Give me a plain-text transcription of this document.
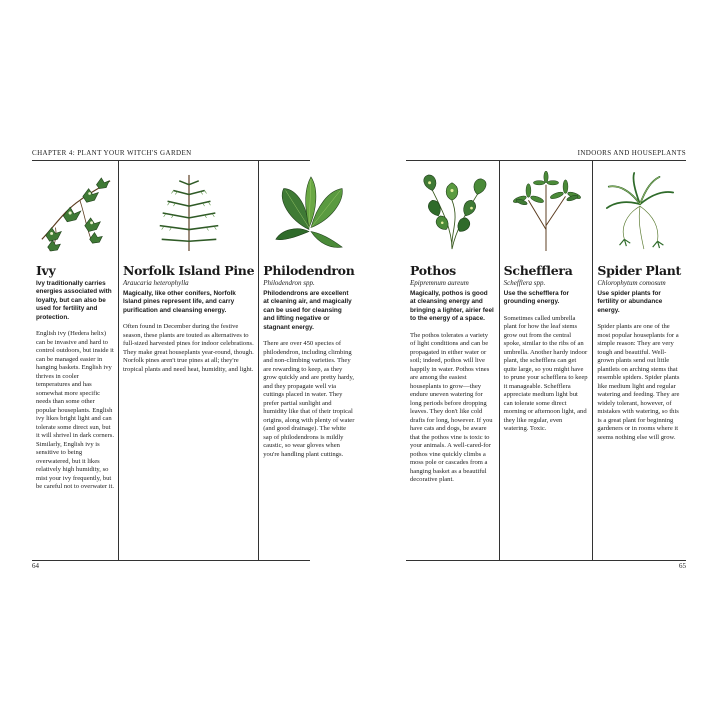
CHAPTER 4: PLANT YOUR WITCH'S GARDEN
Ivy
Ivy traditionally carries energies associated with loyalty, but can also be used for fertility and protection.
English ivy (Hedera helix) can be invasive and hard to control outdoors, but inside it can be managed easier in hanging baskets. English ivy thrives in cooler temperatures and has somewhat more specific needs than some other popular houseplants. English ivy likes bright light and can tolerate some direct sun, but it will shrivel in dark corners. Similarly, English ivy is sensitive to being overwatered, but it likes relatively high humidity, so mist your ivy frequently, but be careful not to overwater it.
Norfolk Island Pine
Araucaria heterophylla
Magically, like other conifers, Norfolk Island pines represent life, and carry purification and cleansing energy.
Often found in December during the festive season, these plants are touted as alternatives to full-sized harvested pines for indoor celebrations. They make great houseplants year-round, though. Norfolk pines aren't true pines at all; they're tropical plants and need heat, humidity, and light.
Philodendron
Philodendron spp.
Philodendrons are excellent at cleaning air, and magically can be used for cleansing and lifting negative or stagnant energy.
There are over 450 species of philodendron, including climbing and non-climbing varieties. They are rewarding to keep, as they grow quickly and are pretty hardy, and they propagate well via cuttings placed in water. They prefer partial sunlight and humidity like that of their tropical origins, along with plenty of water (and good drainage). The white sap of philodendrons is mildly caustic, so wear gloves when you're handling plant cuttings.
64
INDOORS AND HOUSEPLANTS
Pothos
Epipremnum aureum
Magically, pothos is good at cleansing energy and bringing a lighter, airier feel to the energy of a space.
The pothos tolerates a variety of light conditions and can be propagated in either water or soil; indeed, pothos will live happily in water. Pothos vines are among the easiest houseplants to grow—they endure uneven watering for long periods before dropping leaves. They don't like cold drafts for long, however. If you have cats and dogs, be aware that the pothos vine is toxic to your animals. A well-cared-for pothos vine quickly climbs a moss pole or cascades from a hanging basket as a beautiful decorative plant.
Schefflera
Schefflera spp.
Use the schefflera for grounding energy.
Sometimes called umbrella plant for how the leaf stems grow out from the central spoke, similar to the ribs of an umbrella. Another hardy indoor plant, the schefflera can get quite large, so you might have to prune your schefflera to keep it manageable. Schefflera appreciate medium light but can tolerate some direct morning or afternoon light, and they like regular, even watering. Toxic.
Spider Plant
Chlorophytum comosum
Use spider plants for fertility or abundance energy.
Spider plants are one of the most popular houseplants for a simple reason: They are very tough and beautiful. Well-grown plants send out little plantlets on arching stems that resemble spiders. Spider plants like medium light and regular watering and feeding. They are widely tolerant, however, of mistakes with watering, so this is a great plant for beginning gardeners or in rooms where it seems nothing else will grow.
65
